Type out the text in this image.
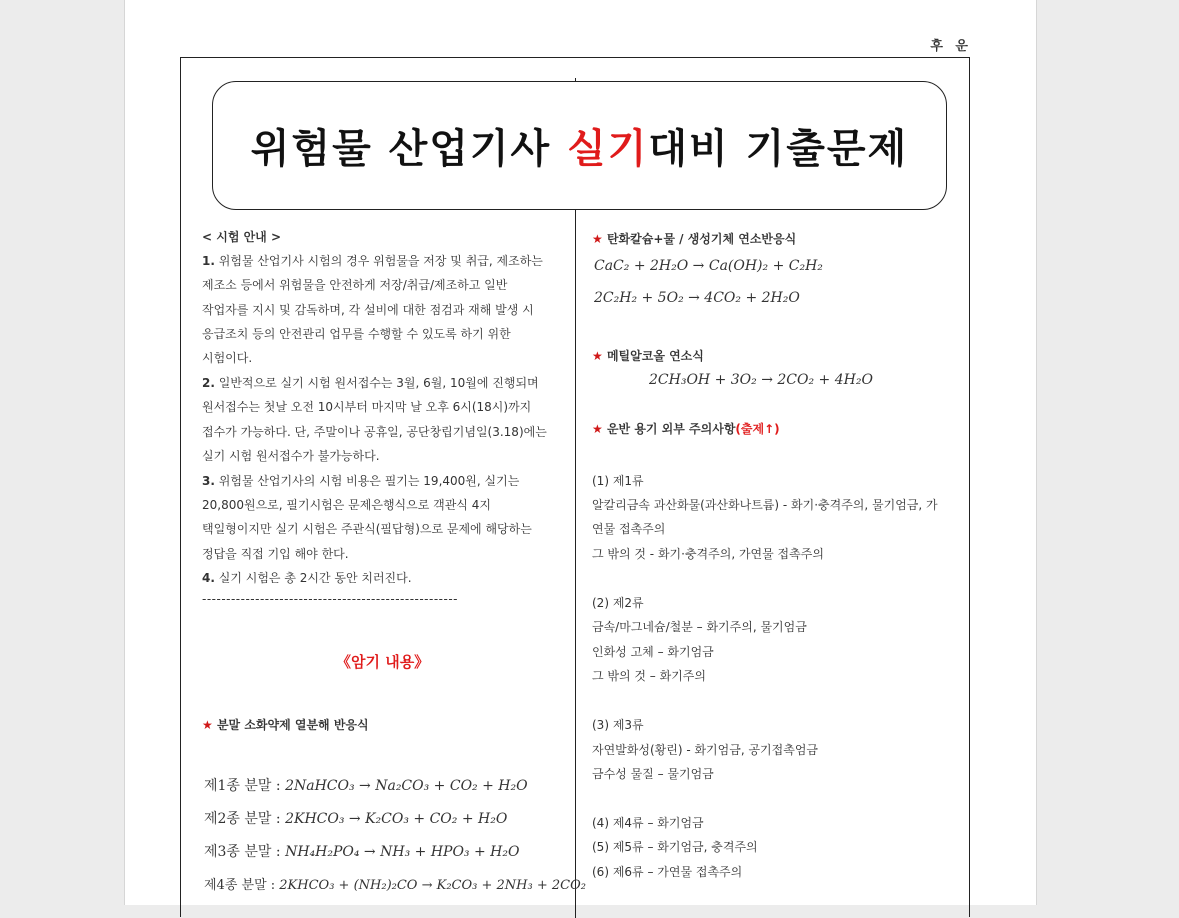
후 운
위험물 산업기사 실기대비 기출문제
< 시험 안내 >
1. 위험물 산업기사 시험의 경우 위험물을 저장 및 취급, 제조하는
제조소 등에서 위험물을 안전하게 저장/취급/제조하고 일반
작업자를 지시 및 감독하며, 각 설비에 대한 점검과 재해 발생 시
응급조치 등의 안전관리 업무를 수행할 수 있도록 하기 위한
시험이다.
2. 일반적으로 실기 시험 원서접수는 3월, 6월, 10월에 진행되며
원서접수는 첫날 오전 10시부터 마지막 날 오후 6시(18시)까지
접수가 가능하다. 단, 주말이나 공휴일, 공단창립기념일(3.18)에는
실기 시험 원서접수가 불가능하다.
3. 위험물 산업기사의 시험 비용은 필기는 19,400원, 실기는
20,800원으로, 필기시험은 문제은행식으로 객관식 4지
택일형이지만 실기 시험은 주관식(필답형)으로 문제에 해당하는
정답을 직접 기입 해야 한다.
4. 실기 시험은 총 2시간 동안 치러진다.
-----------------------------------------------------
《암기 내용》
★ 분말 소화약제 열분해 반응식
제1종 분말 : 2NaHCO₃ → Na₂CO₃ + CO₂ + H₂O
제2종 분말 : 2KHCO₃ → K₂CO₃ + CO₂ + H₂O
제3종 분말 : NH₄H₂PO₄ → NH₃ + HPO₃ + H₂O
제4종 분말 : 2KHCO₃ + (NH₂)₂CO → K₂CO₃ + 2NH₃ + 2CO₂
★ 탄화칼슘+물 / 생성기체 연소반응식
CaC₂ + 2H₂O → Ca(OH)₂ + C₂H₂
2C₂H₂ + 5O₂ → 4CO₂ + 2H₂O
★ 메틸알코올 연소식
2CH₃OH + 3O₂ → 2CO₂ + 4H₂O
★ 운반 용기 외부 주의사항(출제↑)
(1) 제1류
알칼리금속 과산화물(과산화나트륨) - 화기·충격주의, 물기엄금, 가
연물 접촉주의
그 밖의 것 - 화기·충격주의, 가연물 접촉주의
(2) 제2류
금속/마그네슘/철분 – 화기주의, 물기엄금
인화성 고체 – 화기엄금
그 밖의 것 – 화기주의
(3) 제3류
자연발화성(황린) - 화기엄금, 공기접촉엄금
금수성 물질 – 물기엄금
(4) 제4류 – 화기엄금
(5) 제5류 – 화기엄금, 충격주의
(6) 제6류 – 가연물 접촉주의
